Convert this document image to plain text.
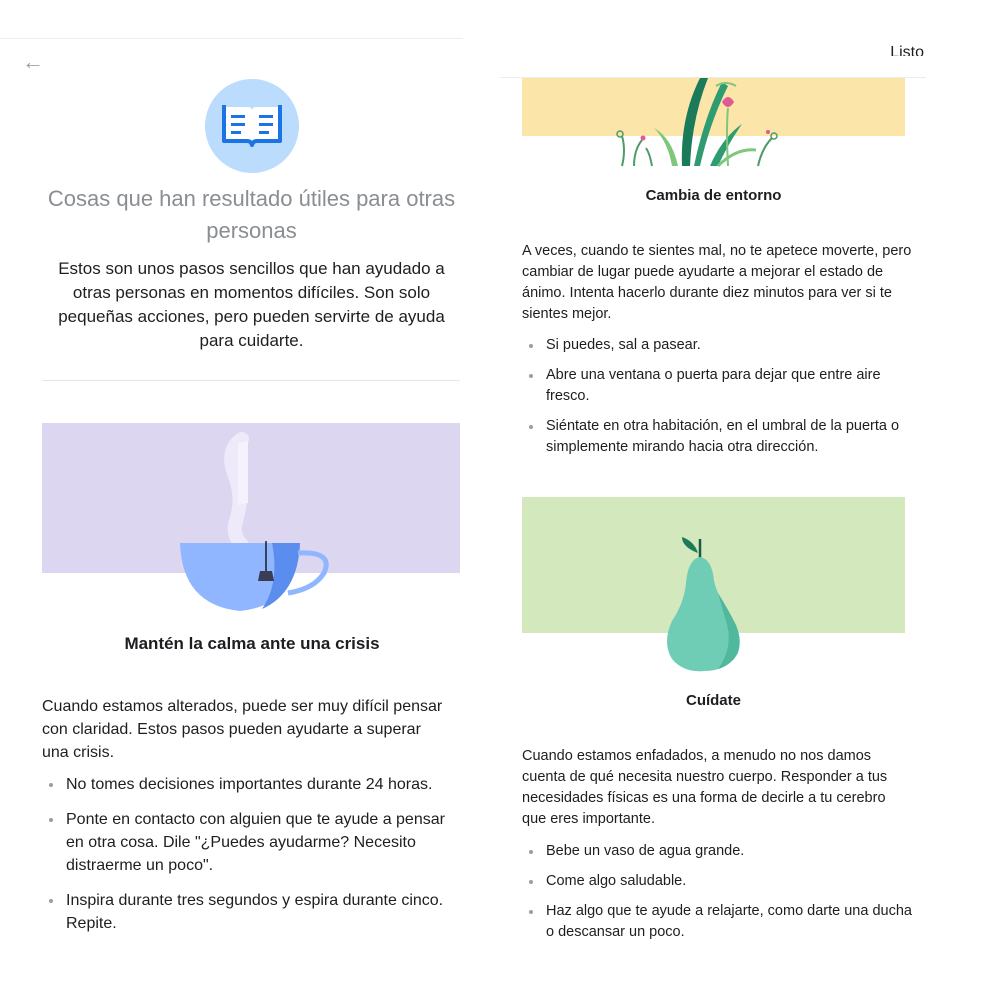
←
Cosas que han resultado útiles para otras personas
Estos son unos pasos sencillos que han ayudado a otras personas en momentos difíciles. Son solo pequeñas acciones, pero pueden servirte de ayuda para cuidarte.
Mantén la calma ante una crisis
Cuando estamos alterados, puede ser muy difícil pensar con claridad. Estos pasos pueden ayudarte a superar una crisis.
No tomes decisiones importantes durante 24 horas.
Ponte en contacto con alguien que te ayude a pensar en otra cosa. Dile "¿Puedes ayudarme? Necesito distraerme un poco".
Inspira durante tres segundos y espira durante cinco. Repite.
Listo
Cambia de entorno
A veces, cuando te sientes mal, no te apetece moverte, pero cambiar de lugar puede ayudarte a mejorar el estado de ánimo. Intenta hacerlo durante diez minutos para ver si te sientes mejor.
Si puedes, sal a pasear.
Abre una ventana o puerta para dejar que entre aire fresco.
Siéntate en otra habitación, en el umbral de la puerta o simplemente mirando hacia otra dirección.
Cuídate
Cuando estamos enfadados, a menudo no nos damos cuenta de qué necesita nuestro cuerpo. Responder a tus necesidades físicas es una forma de decirle a tu cerebro que eres importante.
Bebe un vaso de agua grande.
Come algo saludable.
Haz algo que te ayude a relajarte, como darte una ducha o descansar un poco.
